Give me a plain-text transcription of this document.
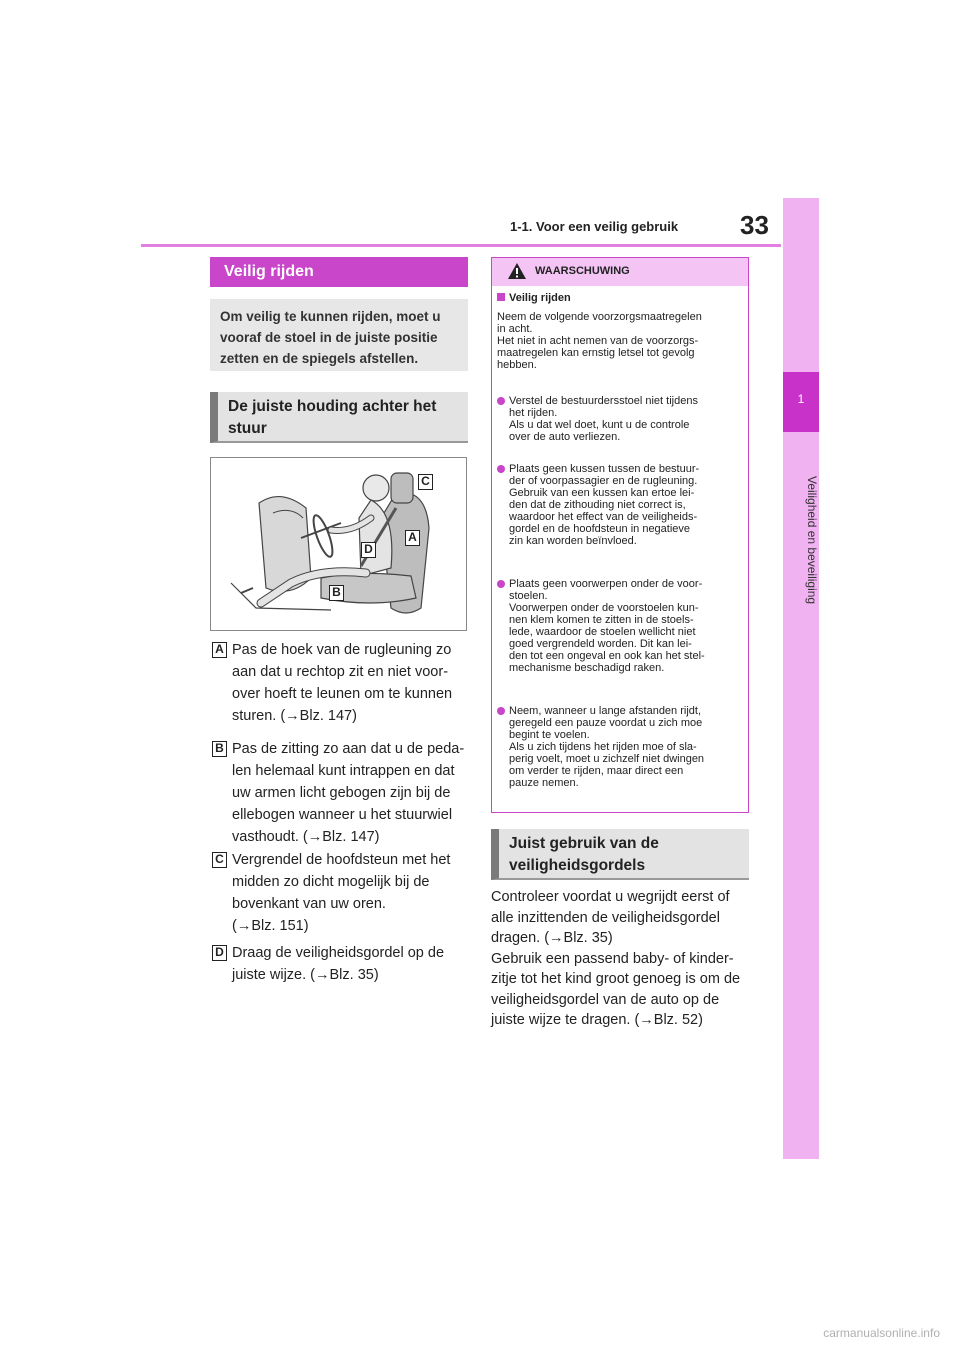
1-1. Voor een veilig gebruik 33
1
Veiligheid en beveiliging
Veilig rijden
Om veilig te kunnen rijden, moet u vooraf de stoel in de juiste positie zetten en de spiegels afstellen.
De juiste houding achter het stuur
C
A
D
B
A Pas de hoek van de rugleuning zo
aan dat u rechtop zit en niet voor-
over hoeft te leunen om te kunnen
sturen. (→Blz. 147)
B Pas de zitting zo aan dat u de peda-
len helemaal kunt intrappen en dat
uw armen licht gebogen zijn bij de
ellebogen wanneer u het stuurwiel
vasthoudt. (→Blz. 147)
C Vergrendel de hoofdsteun met het
midden zo dicht mogelijk bij de
bovenkant van uw oren.
(→Blz. 151)
D Draag de veiligheidsgordel op de
juiste wijze. (→Blz. 35)
WAARSCHUWING
Veilig rijden
Neem de volgende voorzorgsmaatregelen
in acht.
Het niet in acht nemen van de voorzorgs-
maatregelen kan ernstig letsel tot gevolg
hebben.
Verstel de bestuurdersstoel niet tijdens
het rijden.
Als u dat wel doet, kunt u de controle
over de auto verliezen.
Plaats geen kussen tussen de bestuur-
der of voorpassagier en de rugleuning.
Gebruik van een kussen kan ertoe lei-
den dat de zithouding niet correct is,
waardoor het effect van de veiligheids-
gordel en de hoofdsteun in negatieve
zin kan worden beïnvloed.
Plaats geen voorwerpen onder de voor-
stoelen.
Voorwerpen onder de voorstoelen kun-
nen klem komen te zitten in de stoels-
lede, waardoor de stoelen wellicht niet
goed vergrendeld worden. Dit kan lei-
den tot een ongeval en ook kan het stel-
mechanisme beschadigd raken.
Neem, wanneer u lange afstanden rijdt,
geregeld een pauze voordat u zich moe
begint te voelen.
Als u zich tijdens het rijden moe of sla-
perig voelt, moet u zichzelf niet dwingen
om verder te rijden, maar direct een
pauze nemen.
Juist gebruik van de veiligheidsgordels
Controleer voordat u wegrijdt eerst of
alle inzittenden de veiligheidsgordel
dragen. (→Blz. 35)
Gebruik een passend baby- of kinder-
zitje tot het kind groot genoeg is om de
veiligheidsgordel van de auto op de
juiste wijze te dragen. (→Blz. 52)
carmanualsonline.info
